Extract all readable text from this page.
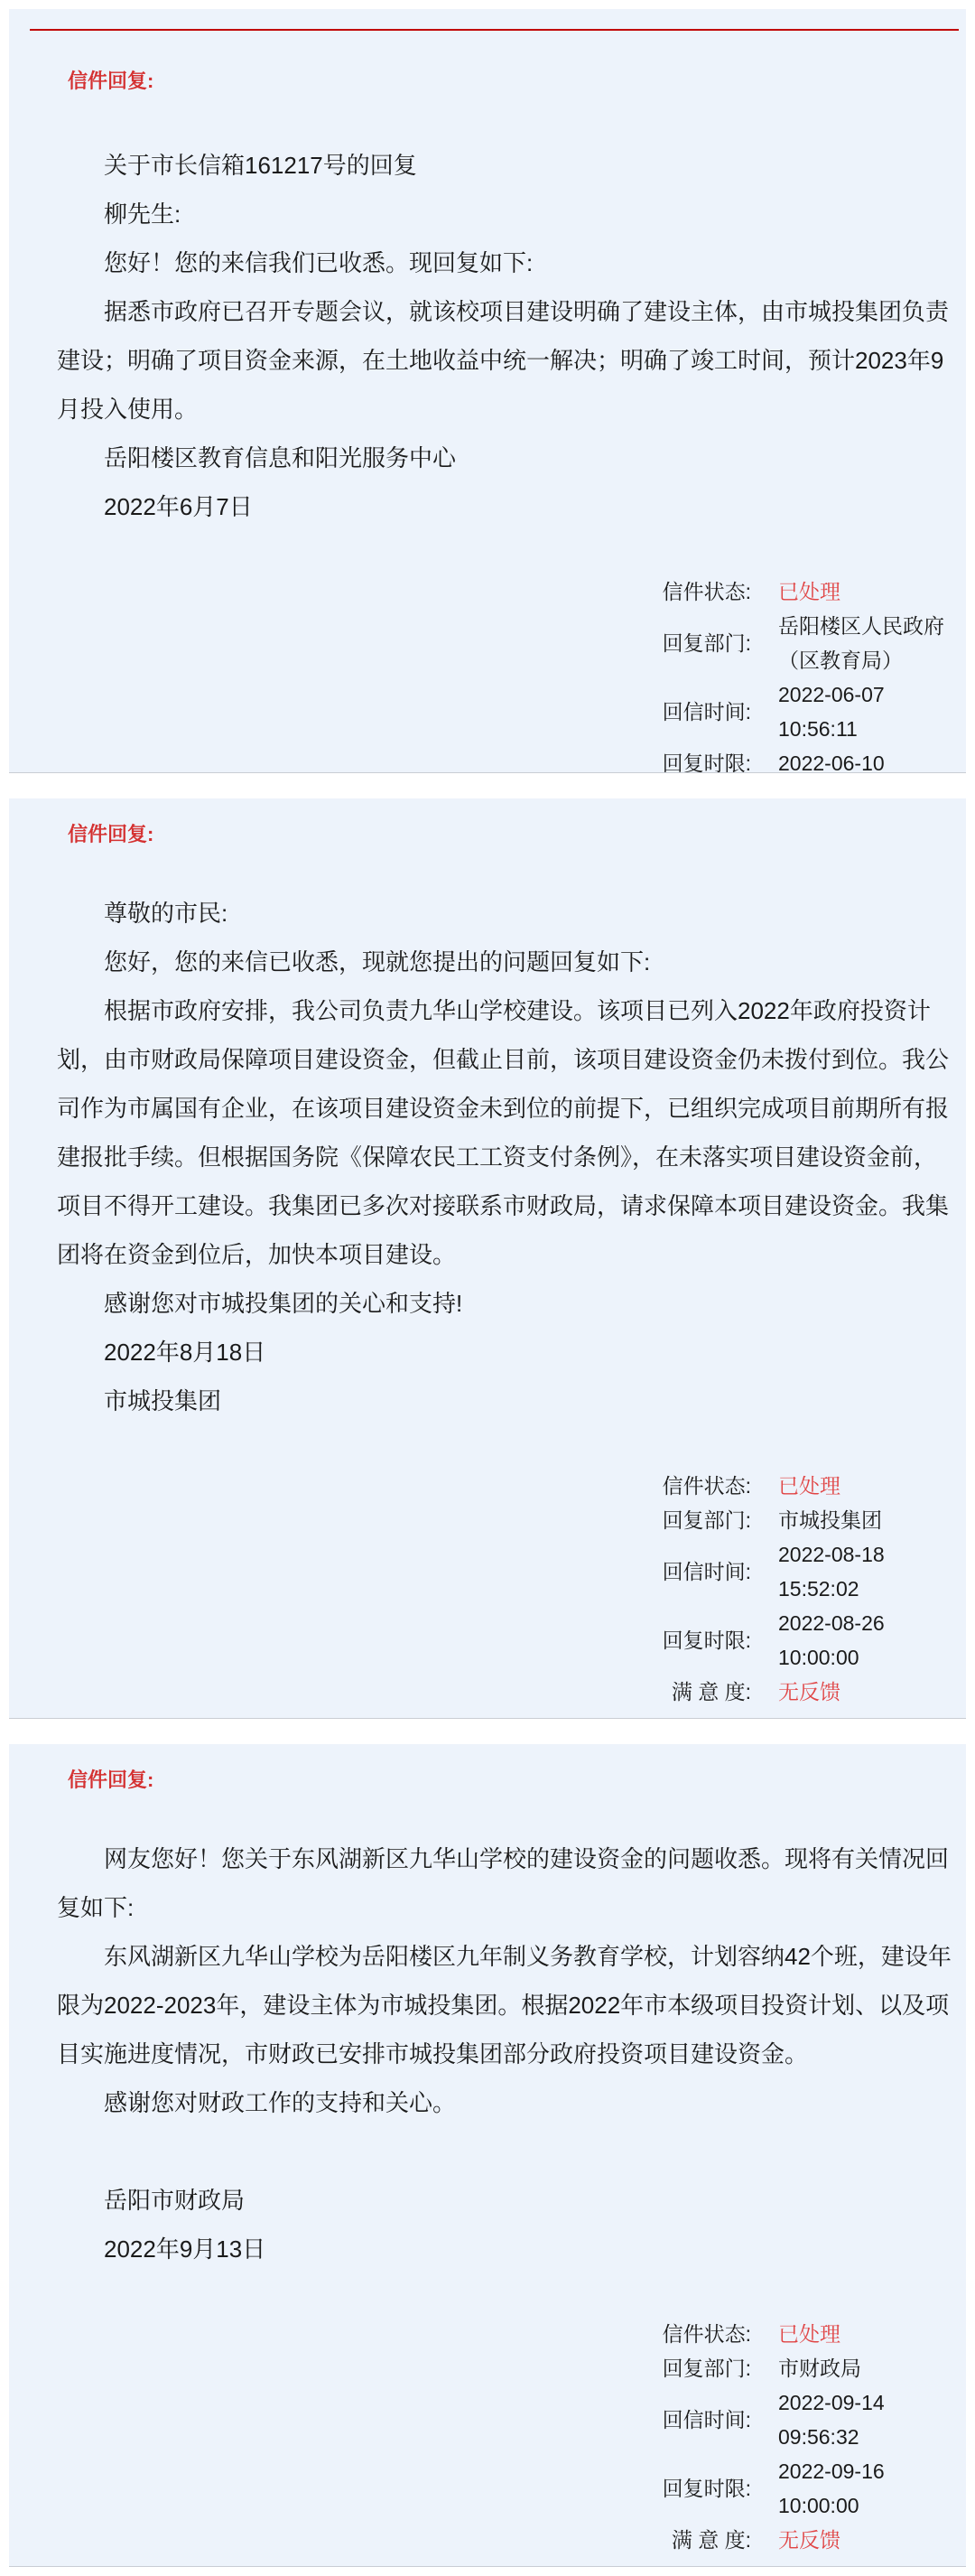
信件回复:

关于市长信箱161217号的回复

柳先生:

您好！您的来信我们已收悉。现回复如下:

据悉市政府已召开专题会议，就该校项目建设明确了建设主体，由市城投集团负责建设；明确了项目资金来源，在土地收益中统一解决；明确了竣工时间，预计2023年9月投入使用。

岳阳楼区教育信息和阳光服务中心

2022年6月7日

信件状态: 已处理
回复部门:
岳阳楼区人民政府（区教育局）
回信时间:
2022-06-07
10:56:11
回复时限: 2022-06-10
信件回复:

尊敬的市民:

您好，您的来信已收悉，现就您提出的问题回复如下:

根据市政府安排，我公司负责九华山学校建设。该项目已列入2022年政府投资计划，由市财政局保障项目建设资金，但截止目前，该项目建设资金仍未拨付到位。我公司作为市属国有企业，在该项目建设资金未到位的前提下，已组织完成项目前期所有报建报批手续。但根据国务院《保障农民工工资支付条例》，在未落实项目建设资金前，项目不得开工建设。我集团已多次对接联系市财政局，请求保障本项目建设资金。我集团将在资金到位后，加快本项目建设。

感谢您对市城投集团的关心和支持!

2022年8月18日

市城投集团

信件状态: 已处理
回复部门: 市城投集团
回信时间:
2022-08-18
15:52:02
回复时限:
2022-08-26
10:00:00
满 意 度: 无反馈
信件回复:

网友您好！您关于东风湖新区九华山学校的建设资金的问题收悉。现将有关情况回复如下:

东风湖新区九华山学校为岳阳楼区九年制义务教育学校，计划容纳42个班，建设年限为2022-2023年，建设主体为市城投集团。根据2022年市本级项目投资计划、以及项目实施进度情况，市财政已安排市城投集团部分政府投资项目建设资金。

感谢您对财政工作的支持和关心。

岳阳市财政局

2022年9月13日

信件状态: 已处理
回复部门: 市财政局
回信时间:
2022-09-14
09:56:32
回复时限:
2022-09-16
10:00:00
满 意 度: 无反馈
